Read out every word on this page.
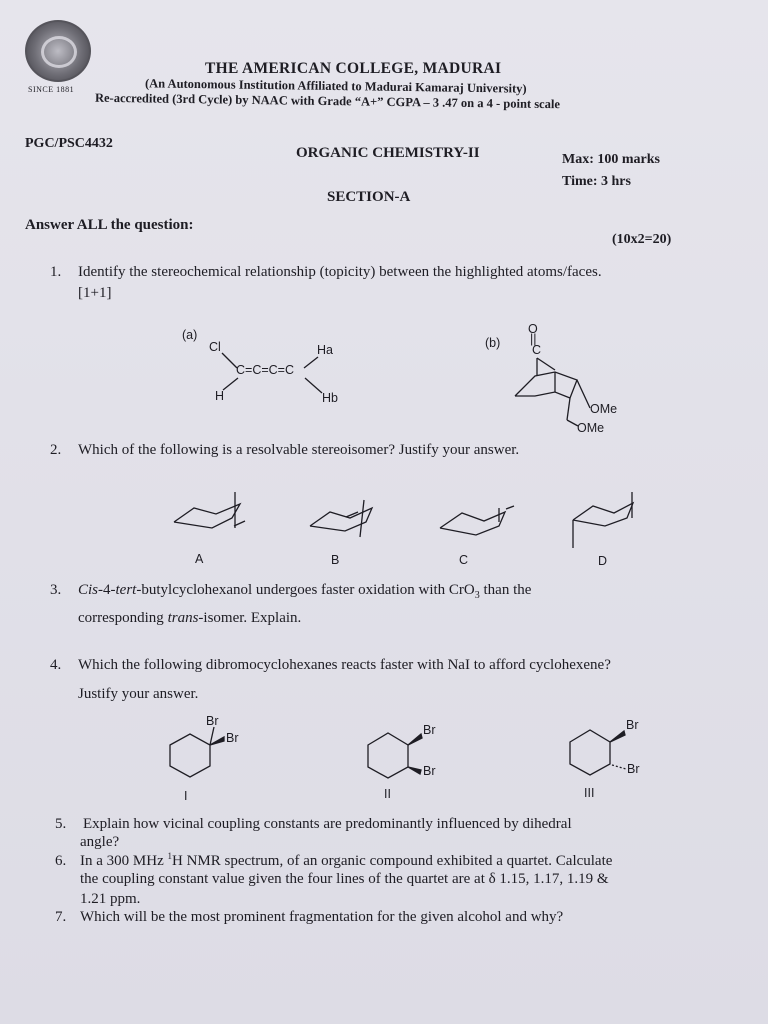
SINCE 1881
THE AMERICAN COLLEGE, MADURAI
(An Autonomous Institution Affiliated to Madurai Kamaraj University)
Re-accredited (3rd Cycle) by NAAC with Grade “A+” CGPA – 3 .47 on a 4 - point scale
PGC/PSC4432
ORGANIC CHEMISTRY-II	Max: 100 marks
Time: 3 hrs
SECTION-A
Answer ALL the question:
(10x2=20)
1. Identify the stereochemical relationship (topicity) between the highlighted atoms/faces.
[1+1]
(a)
Cl	Ha
C=C=C=C
H	Hb
(b)
O
||
C
OMe
OMe
2. Which of the following is a resolvable stereoisomer? Justify your answer.
A	B	C	D
3. Cis-4-tert-butylcyclohexanol undergoes faster oxidation with CrO$_3$ than the
corresponding trans-isomer. Explain.
4. Which the following dibromocyclohexanes reacts faster with NaI to afford cyclohexene?
Justify your answer.
Br
Br
Br
Br
Br
Br
I	II	III
5. Explain how vicinal coupling constants are predominantly influenced by dihedral
angle?
6. In a 300 MHz $^1$H NMR spectrum, of an organic compound exhibited a quartet. Calculate
the coupling constant value given the four lines of the quartet are at δ 1.15, 1.17, 1.19 &
1.21 ppm.
7. Which will be the most prominent fragmentation for the given alcohol and why?
